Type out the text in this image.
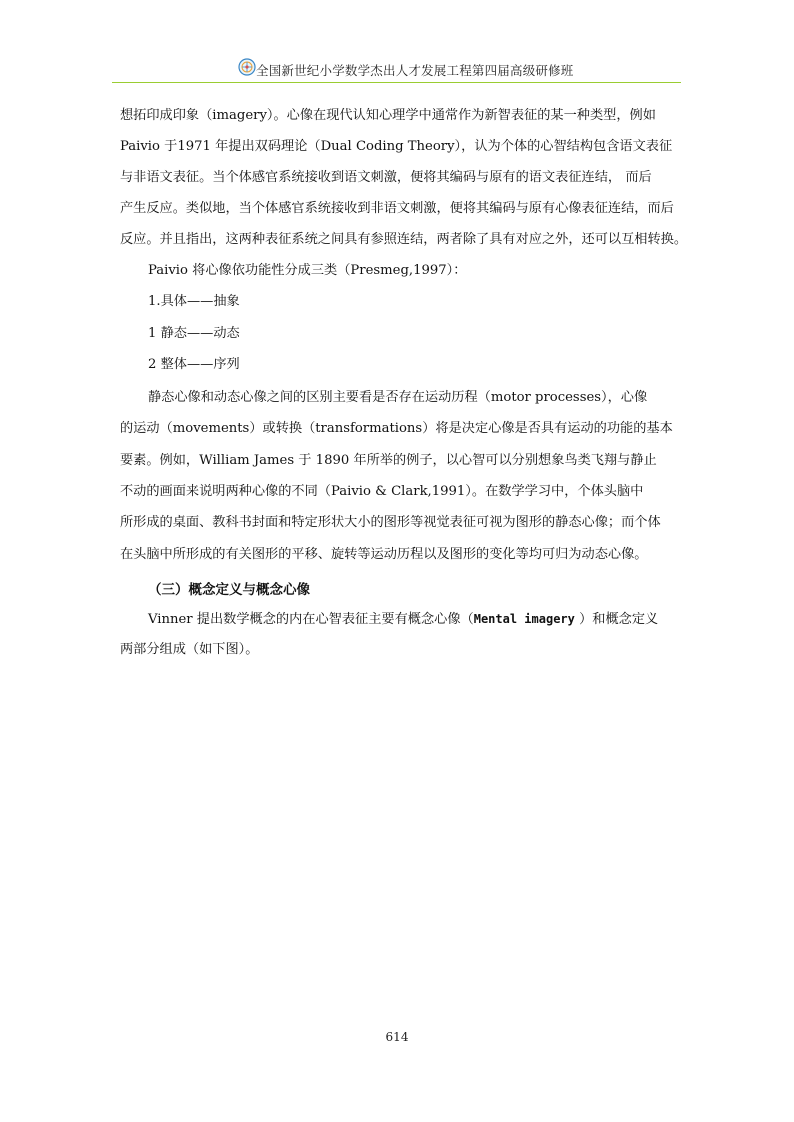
全国新世纪小学数学杰出人才发展工程第四届高级研修班
想拓印成印象（imagery）。心像在现代认知心理学中通常作为新智表征的某一种类型，例如
Paivio 于1971 年提出双码理论（Dual Coding Theory），认为个体的心智结构包含语文表征
与非语文表征。当个体感官系统接收到语文刺激，便将其编码与原有的语文表征连结， 而后
产生反应。类似地，当个体感官系统接收到非语文刺激，便将其编码与原有心像表征连结，而后
反应。并且指出，这两种表征系统之间具有参照连结，两者除了具有对应之外，还可以互相转换。
Paivio 将心像依功能性分成三类（Presmeg,1997）：
1.具体——抽象
1 静态——动态
2 整体——序列
静态心像和动态心像之间的区别主要看是否存在运动历程（motor processes），心像
的运动（movements）或转换（transformations）将是决定心像是否具有运动的功能的基本
要素。例如，William James 于 1890 年所举的例子，以心智可以分别想象鸟类飞翔与静止
不动的画面来说明两种心像的不同（Paivio & Clark,1991）。在数学学习中，个体头脑中
所形成的桌面、教科书封面和特定形状大小的图形等视觉表征可视为图形的静态心像；而个体
在头脑中所形成的有关图形的平移、旋转等运动历程以及图形的变化等均可归为动态心像。
（三）概念定义与概念心像
Vinner 提出数学概念的内在心智表征主要有概念心像（Mental imagery ）和概念定义
两部分组成（如下图）。
614
